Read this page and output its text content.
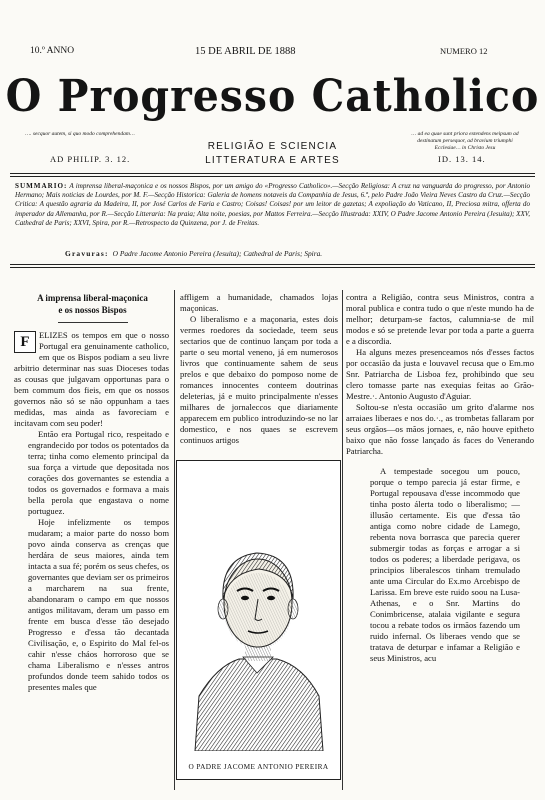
10.º ANNO	15 DE ABRIL DE 1888	NUMERO 12
O Progresso Catholico
…. secquor autem, si quo modo comprehendam…	… ad ea quae sunt priora extendens meipsum ad destinatum persequor, ad bravium triumphi Ecclesiae… in Christo Jesu
AD PHILIP. 3. 12.	ID. 13. 14.
RELIGIÃO E SCIENCIA
LITTERATURA E ARTES
SUMMARIO: A imprensa liberal-maçonica e os nossos Bispos, por um amigo do «Progresso Catholico».—Secção Religiosa: A cruz na vanguarda do progresso, por Antonio Hermano; Mais noticias de Lourdes, por M. F.—Secção Historica: Galeria de homens notaveis da Companhia de Jesus, 6.ª, pelo Padre João Vieira Neves Castro da Cruz.—Secção Critica: A questão agraria da Madeira, II, por José Carlos de Faria e Castro; Coisas! Coisas! por um leitor de gazetas; A expoliação do Vaticano, II, Preciosa mitra, offerta do imperador da Allemanha, por R.—Secção Litteraria: Na praia; Alta noite, poesias, por Mattos Ferreira.—Secção Illustrada: XXIV, O Padre Jacome Antonio Pereira (Jesuita); XXV, Cathedral de Paris; XXVI, Spira, por R.—Retrospecto da Quinzena, por J. de Freitas.
Gravuras: O Padre Jacome Antonio Pereira (Jesuita); Cathedral de Paris; Spira.
A imprensa liberal-maçonica
e os nossos Bispos

F	ELIZES os tempos em que o nosso Portugal era genuinamente catholico, em que os Bispos podiam a seu livre arbitrio determinar nas suas Dioceses todas as cousas que julgavam opportunas para o bem commum dos fieis, em que os nossos governos não só se não oppunham a taes medidas, mas ainda as favoreciam e incitavam com seu poder!

Então era Portugal rico, respeitado e engrandecido por todos os potentados da terra; tinha como elemento principal da sua força a virtude que depositada nos corações dos governantes se estendia a todos os governados e formava a mais bella perola que engastava o nome portuguez.

Hoje infelizmente os tempos mudaram; a maior parte do nosso bom povo ainda conserva as crenças que herdára de seus maiores, ainda tem intacta a sua fé; porém os seus chefes, os governantes que deviam ser os primeiros a marcharem na sua frente, abandonaram o campo em que nossos antigos militavam, deram um passo em frente em busca d'esse tão desejado Progresso e d'essa tão decantada Civilisação, e, o Espirito do Mal fel-os cahir n'esse cháos horroroso que se chama Liberalismo e n'esses antros profundos donde teem sahido todos os presentes males que

affligem a humanidade, chamados lojas maçonicas.

O liberalismo e a maçonaria, estes dois vermes roedores da sociedade, teem seus sectarios que de continuo lançam por toda a parte o seu mortal veneno, já em numerosos livros que continuamente sahem de seus prelos e que debaixo do pomposo nome de romances innocentes conteem doutrinas deleterias, já e muito principalmente n'esses milhares de jornaleccos que diariamente apparecem em publico introduzindo-se no lar domestico, e nos quaes se escrevem continuos artigos

O PADRE JACOME ANTONIO PEREIRA

contra a Religião, contra seus Ministros, contra a moral publica e contra tudo o que n'este mundo ha de melhor; deturpam-se factos, calumnia-se de mil modos e só se pretende levar por toda a parte a guerra e a discordia.

Ha alguns mezes presenceamos nós d'esses factos por occasião da justa e louvavel recusa que o Em.mo Snr. Patriarcha de Lisboa fez, prohibindo que seu clero tomasse parte nas exequias feitas ao Grão-Mestre.·. Antonio Augusto d'Aguiar.

Soltou-se n'esta occasião um grito d'alarme nos arraiaes liberaes e nos do.·., as trombetas fallaram por seus orgãos—os mãos jornaes, e, não houve epitheto baixo que não fosse lançado ás faces do Venerando Patriarcha.

A tempestade socegou um pouco, porque o tempo parecia já estar firme, e Portugal repousava d'esse incommodo que tinha posto álerta todo o liberalismo; —illusão certamente. Eis que d'essa tão antiga como nobre cidade de Lamego, rebenta nova borrasca que parecia querer submergir todas as forças e arrogar a si todos os poderes; a liberdade perigava, os principios liberalescos tinham tremulado ante uma Circular do Ex.mo Arcebispo de Larissa. Em breve este ruido soou na Lusa-Athenas, e o Snr. Martins do Conimbricense, atalaia vigilante e segura tocou a rebate todos os irmãos fazendo um ruido infernal. Os liberaes vendo que se tratava de deturpar e infamar a Religião e seus Ministros, acu
